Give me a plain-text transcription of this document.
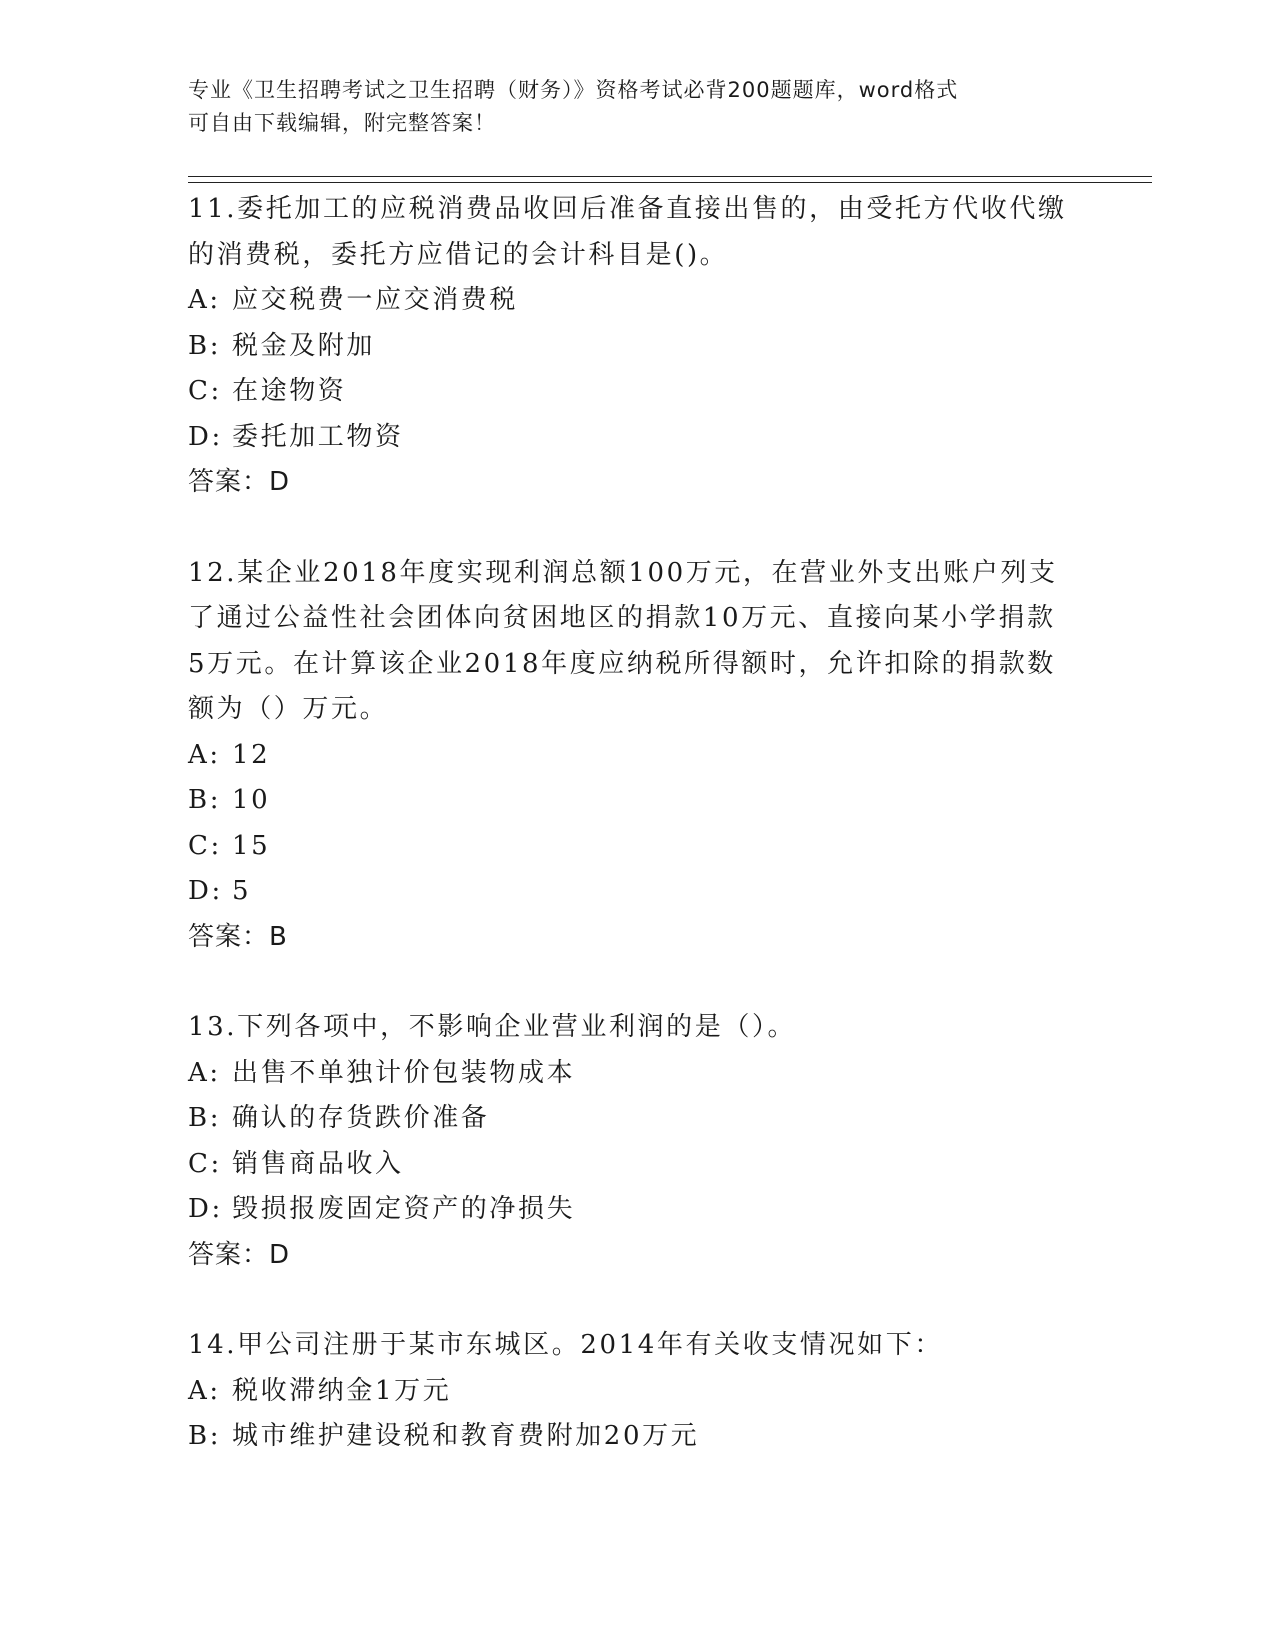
专业《卫生招聘考试之卫生招聘（财务）》资格考试必背200题题库，word格式
可自由下载编辑，附完整答案！
11.委托加工的应税消费品收回后准备直接出售的，由受托方代收代缴
的消费税，委托方应借记的会计科目是()。
A: 应交税费一应交消费税
B: 税金及附加
C: 在途物资
D: 委托加工物资
答案：D
12.某企业2018年度实现利润总额100万元，在营业外支出账户列支
了通过公益性社会团体向贫困地区的捐款10万元、直接向某小学捐款
5万元。在计算该企业2018年度应纳税所得额时，允许扣除的捐款数
额为（）万元。
A: 12
B: 10
C: 15
D: 5
答案：B
13.下列各项中，不影响企业营业利润的是（）。
A: 出售不单独计价包装物成本
B: 确认的存货跌价准备
C: 销售商品收入
D: 毁损报废固定资产的净损失
答案：D
14.甲公司注册于某市东城区。2014年有关收支情况如下：
A: 税收滞纳金1万元
B: 城市维护建设税和教育费附加20万元
